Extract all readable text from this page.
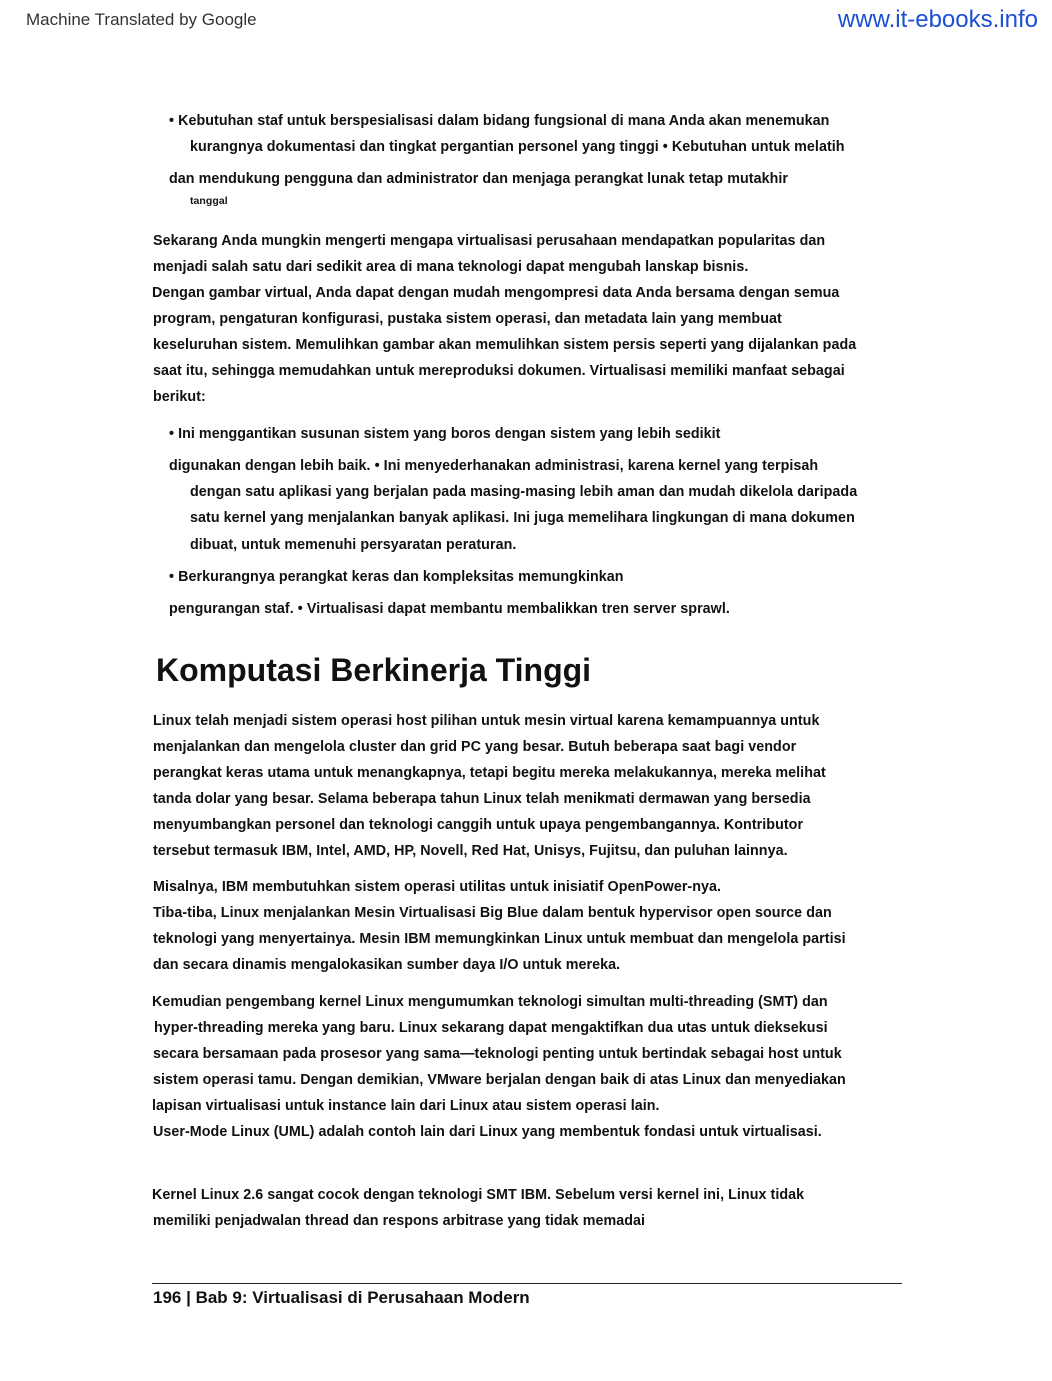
Machine Translated by Google	www.it-ebooks.info
• Kebutuhan staf untuk berspesialisasi dalam bidang fungsional di mana Anda akan menemukan
kurangnya dokumentasi dan tingkat pergantian personel yang tinggi • Kebutuhan untuk melatih
dan mendukung pengguna dan administrator dan menjaga perangkat lunak tetap mutakhir
tanggal
Sekarang Anda mungkin mengerti mengapa virtualisasi perusahaan mendapatkan popularitas dan
menjadi salah satu dari sedikit area di mana teknologi dapat mengubah lanskap bisnis.
Dengan gambar virtual, Anda dapat dengan mudah mengompresi data Anda bersama dengan semua
program, pengaturan konfigurasi, pustaka sistem operasi, dan metadata lain yang membuat
keseluruhan sistem. Memulihkan gambar akan memulihkan sistem persis seperti yang dijalankan pada
saat itu, sehingga memudahkan untuk mereproduksi dokumen. Virtualisasi memiliki manfaat sebagai
berikut:
• Ini menggantikan susunan sistem yang boros dengan sistem yang lebih sedikit
digunakan dengan lebih baik. • Ini menyederhanakan administrasi, karena kernel yang terpisah
dengan satu aplikasi yang berjalan pada masing-masing lebih aman dan mudah dikelola daripada
satu kernel yang menjalankan banyak aplikasi. Ini juga memelihara lingkungan di mana dokumen
dibuat, untuk memenuhi persyaratan peraturan.
• Berkurangnya perangkat keras dan kompleksitas memungkinkan
pengurangan staf. • Virtualisasi dapat membantu membalikkan tren server sprawl.
Komputasi Berkinerja Tinggi
Linux telah menjadi sistem operasi host pilihan untuk mesin virtual karena kemampuannya untuk
menjalankan dan mengelola cluster dan grid PC yang besar. Butuh beberapa saat bagi vendor
perangkat keras utama untuk menangkapnya, tetapi begitu mereka melakukannya, mereka melihat
tanda dolar yang besar. Selama beberapa tahun Linux telah menikmati dermawan yang bersedia
menyumbangkan personel dan teknologi canggih untuk upaya pengembangannya. Kontributor
tersebut termasuk IBM, Intel, AMD, HP, Novell, Red Hat, Unisys, Fujitsu, dan puluhan lainnya.
Misalnya, IBM membutuhkan sistem operasi utilitas untuk inisiatif OpenPower-nya.
Tiba-tiba, Linux menjalankan Mesin Virtualisasi Big Blue dalam bentuk hypervisor open source dan
teknologi yang menyertainya. Mesin IBM memungkinkan Linux untuk membuat dan mengelola partisi
dan secara dinamis mengalokasikan sumber daya I/O untuk mereka.
Kemudian pengembang kernel Linux mengumumkan teknologi simultan multi-threading (SMT) dan
hyper-threading mereka yang baru. Linux sekarang dapat mengaktifkan dua utas untuk dieksekusi
secara bersamaan pada prosesor yang sama—teknologi penting untuk bertindak sebagai host untuk
sistem operasi tamu. Dengan demikian, VMware berjalan dengan baik di atas Linux dan menyediakan
lapisan virtualisasi untuk instance lain dari Linux atau sistem operasi lain.
User-Mode Linux (UML) adalah contoh lain dari Linux yang membentuk fondasi untuk virtualisasi.
Kernel Linux 2.6 sangat cocok dengan teknologi SMT IBM. Sebelum versi kernel ini, Linux tidak
memiliki penjadwalan thread dan respons arbitrase yang tidak memadai
196 | Bab 9: Virtualisasi di Perusahaan Modern
